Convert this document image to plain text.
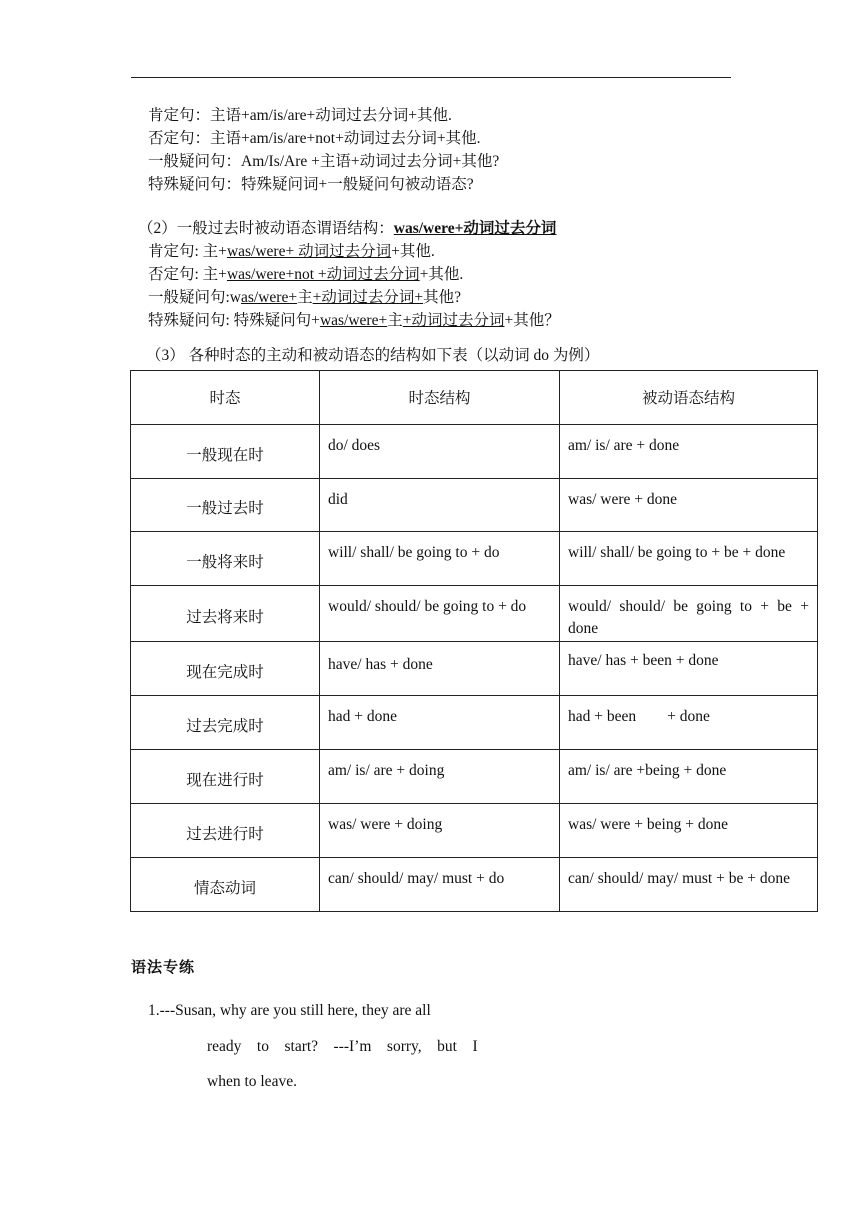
肯定句：主语+am/is/are+动词过去分词+其他.
否定句：主语+am/is/are+not+动词过去分词+其他.
一般疑问句：Am/Is/Are +主语+动词过去分词+其他?
特殊疑问句：特殊疑问词+一般疑问句被动语态?
（2）一般过去时被动语态谓语结构：was/were+动词过去分词
肯定句: 主+was/were+ 动词过去分词+其他.
否定句: 主+was/were+not +动词过去分词+其他.
一般疑问句:was/were+主+动词过去分词+其他?
特殊疑问句: 特殊疑问句+was/were+主+动词过去分词+其他？
（3） 各种时态的主动和被动语态的结构如下表（以动词 do 为例）
时态	时态结构	被动语态结构
一般现在时	do/ does	am/ is/ are + done
一般过去时	did	was/ were + done
一般将来时	will/ shall/ be going to + do	will/ shall/ be going to + be + done
过去将来时	would/ should/ be going to + do	would/ should/ be going to + be + done
现在完成时	have/ has + done	have/ has + been + done
过去完成时	had + done	had + been        + done
现在进行时	am/ is/ are + doing	am/ is/ are +being + done
过去进行时	was/ were + doing	was/ were + being + done
情态动词	can/ should/ may/ must + do	can/ should/ may/ must + be + done
语法专练
1.---Susan, why are you still here, they are all
ready    to    start?    ---I’m    sorry,    but    I
when to leave.
